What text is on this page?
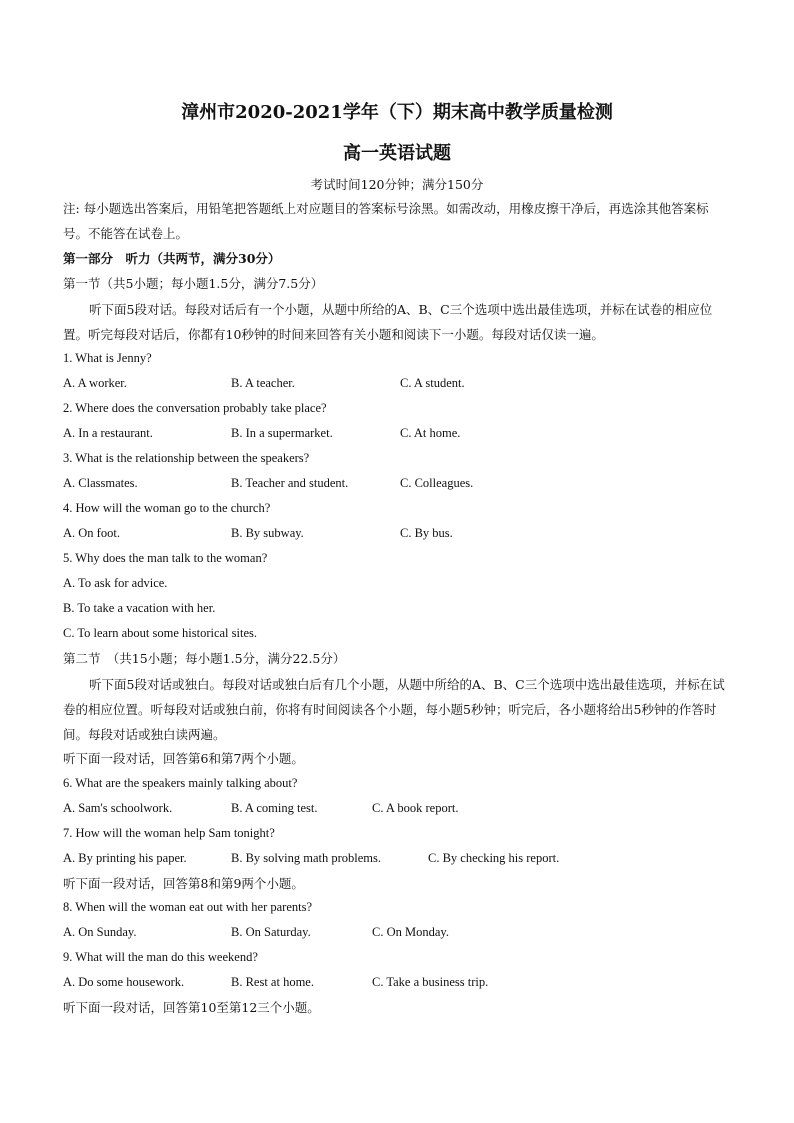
漳州市2020-2021学年（下）期末高中教学质量检测
高一英语试题
考试时间120分钟；满分150分
注: 每小题选出答案后，用铅笔把答题纸上对应题目的答案标号涂黑。如需改动，用橡皮擦干净后，再选涂其他答案标号。不能答在试卷上。
第一部分　听力（共两节，满分30分）
第一节（共5小题；每小题1.5分，满分7.5分）
听下面5段对话。每段对话后有一个小题，从题中所给的A、B、C三个选项中选出最佳选项，并标在试卷的相应位置。听完每段对话后，你都有10秒钟的时间来回答有关小题和阅读下一小题。每段对话仅读一遍。
1. What is Jenny?
A. A worker.	B. A teacher.	C. A student.
2. Where does the conversation probably take place?
A. In a restaurant.	B. In a supermarket.	C. At home.
3. What is the relationship between the speakers?
A. Classmates.	B. Teacher and student.	C. Colleagues.
4. How will the woman go to the church?
A. On foot.	B. By subway.	C. By bus.
5. Why does the man talk to the woman?
A. To ask for advice.
B. To take a vacation with her.
C. To learn about some historical sites.
第二节　（共15小题；每小题1.5分，满分22.5分）
听下面5段对话或独白。每段对话或独白后有几个小题，从题中所给的A、B、C三个选项中选出最佳选项，并标在试卷的相应位置。听每段对话或独白前，你将有时间阅读各个小题，每小题5秒钟；听完后，各小题将给出5秒钟的作答时间。每段对话或独白读两遍。
听下面一段对话，回答第6和第7两个小题。
6. What are the speakers mainly talking about?
A. Sam's schoolwork.	B. A coming test.	C. A book report.
7. How will the woman help Sam tonight?
A. By printing his paper.	B. By solving math problems.	C. By checking his report.
听下面一段对话，回答第8和第9两个小题。
8. When will the woman eat out with her parents?
A. On Sunday.	B. On Saturday.	C. On Monday.
9. What will the man do this weekend?
A. Do some housework.	B. Rest at home.	C. Take a business trip.
听下面一段对话，回答第10至第12三个小题。
